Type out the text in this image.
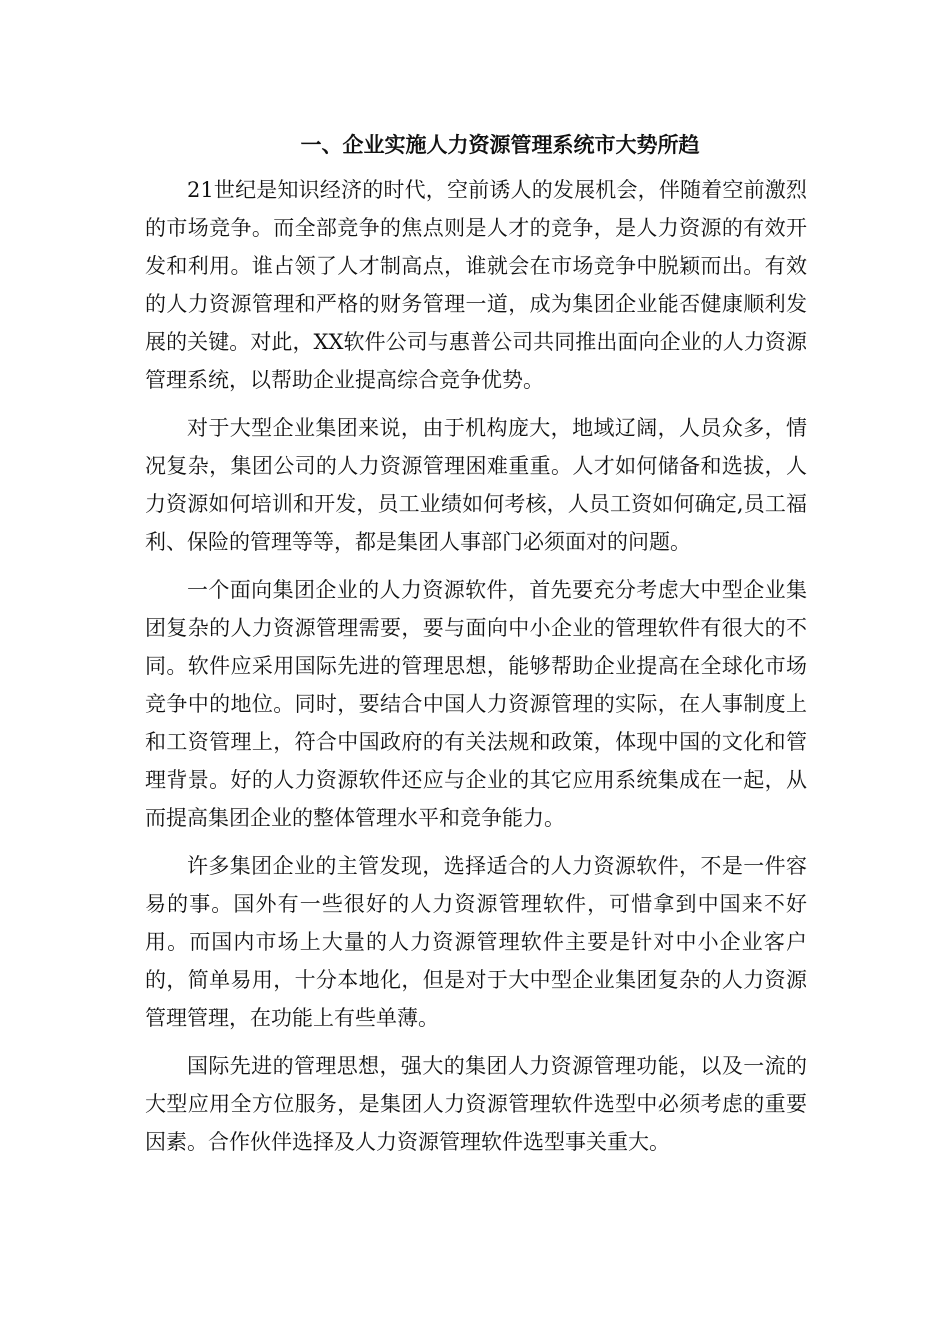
一、企业实施人力资源管理系统市大势所趋

21世纪是知识经济的时代，空前诱人的发展机会，伴随着空前激烈的市场竞争。而全部竞争的焦点则是人才的竞争，是人力资源的有效开发和利用。谁占领了人才制高点，谁就会在市场竞争中脱颖而出。有效的人力资源管理和严格的财务管理一道，成为集团企业能否健康顺利发展的关键。对此，XX软件公司与惠普公司共同推出面向企业的人力资源管理系统，以帮助企业提高综合竞争优势。

对于大型企业集团来说，由于机构庞大，地域辽阔，人员众多，情况复杂，集团公司的人力资源管理困难重重。人才如何储备和选拔，人力资源如何培训和开发，员工业绩如何考核，人员工资如何确定,员工福利、保险的管理等等，都是集团人事部门必须面对的问题。

一个面向集团企业的人力资源软件，首先要充分考虑大中型企业集团复杂的人力资源管理需要，要与面向中小企业的管理软件有很大的不同。软件应采用国际先进的管理思想，能够帮助企业提高在全球化市场竞争中的地位。同时，要结合中国人力资源管理的实际，在人事制度上和工资管理上，符合中国政府的有关法规和政策，体现中国的文化和管理背景。好的人力资源软件还应与企业的其它应用系统集成在一起，从而提高集团企业的整体管理水平和竞争能力。

许多集团企业的主管发现，选择适合的人力资源软件，不是一件容易的事。国外有一些很好的人力资源管理软件，可惜拿到中国来不好用。而国内市场上大量的人力资源管理软件主要是针对中小企业客户的，简单易用，十分本地化，但是对于大中型企业集团复杂的人力资源管理管理，在功能上有些单薄。

国际先进的管理思想，强大的集团人力资源管理功能，以及一流的大型应用全方位服务，是集团人力资源管理软件选型中必须考虑的重要因素。合作伙伴选择及人力资源管理软件选型事关重大。
